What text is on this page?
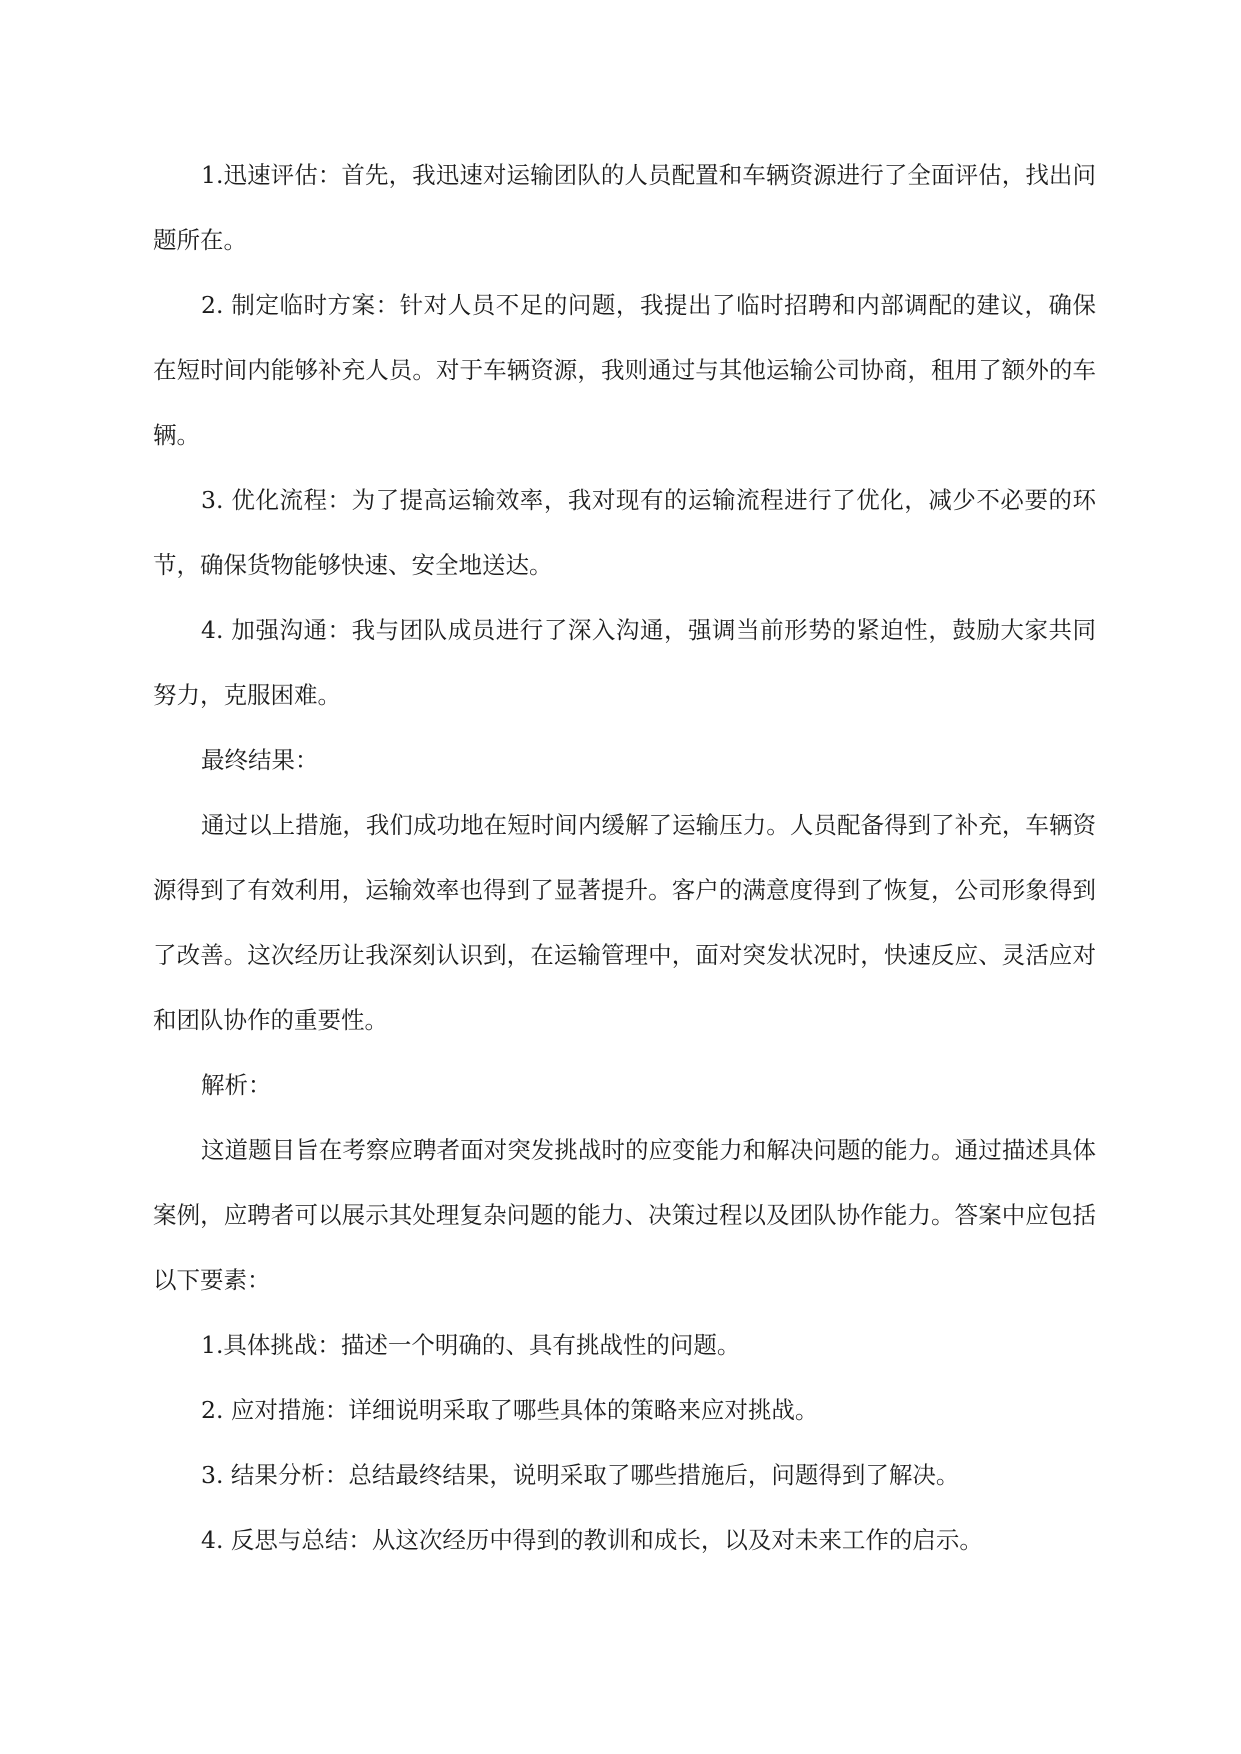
1.迅速评估：首先，我迅速对运输团队的人员配置和车辆资源进行了全面评估，找出问题所在。

2. 制定临时方案：针对人员不足的问题，我提出了临时招聘和内部调配的建议，确保在短时间内能够补充人员。对于车辆资源，我则通过与其他运输公司协商，租用了额外的车辆。

3. 优化流程：为了提高运输效率，我对现有的运输流程进行了优化，减少不必要的环节，确保货物能够快速、安全地送达。

4. 加强沟通：我与团队成员进行了深入沟通，强调当前形势的紧迫性，鼓励大家共同努力，克服困难。

最终结果：

通过以上措施，我们成功地在短时间内缓解了运输压力。人员配备得到了补充，车辆资源得到了有效利用，运输效率也得到了显著提升。客户的满意度得到了恢复，公司形象得到了改善。这次经历让我深刻认识到，在运输管理中，面对突发状况时，快速反应、灵活应对和团队协作的重要性。

解析：

这道题目旨在考察应聘者面对突发挑战时的应变能力和解决问题的能力。通过描述具体案例，应聘者可以展示其处理复杂问题的能力、决策过程以及团队协作能力。答案中应包括以下要素：

1.具体挑战：描述一个明确的、具有挑战性的问题。

2. 应对措施：详细说明采取了哪些具体的策略来应对挑战。

3. 结果分析：总结最终结果，说明采取了哪些措施后，问题得到了解决。

4. 反思与总结：从这次经历中得到的教训和成长，以及对未来工作的启示。
